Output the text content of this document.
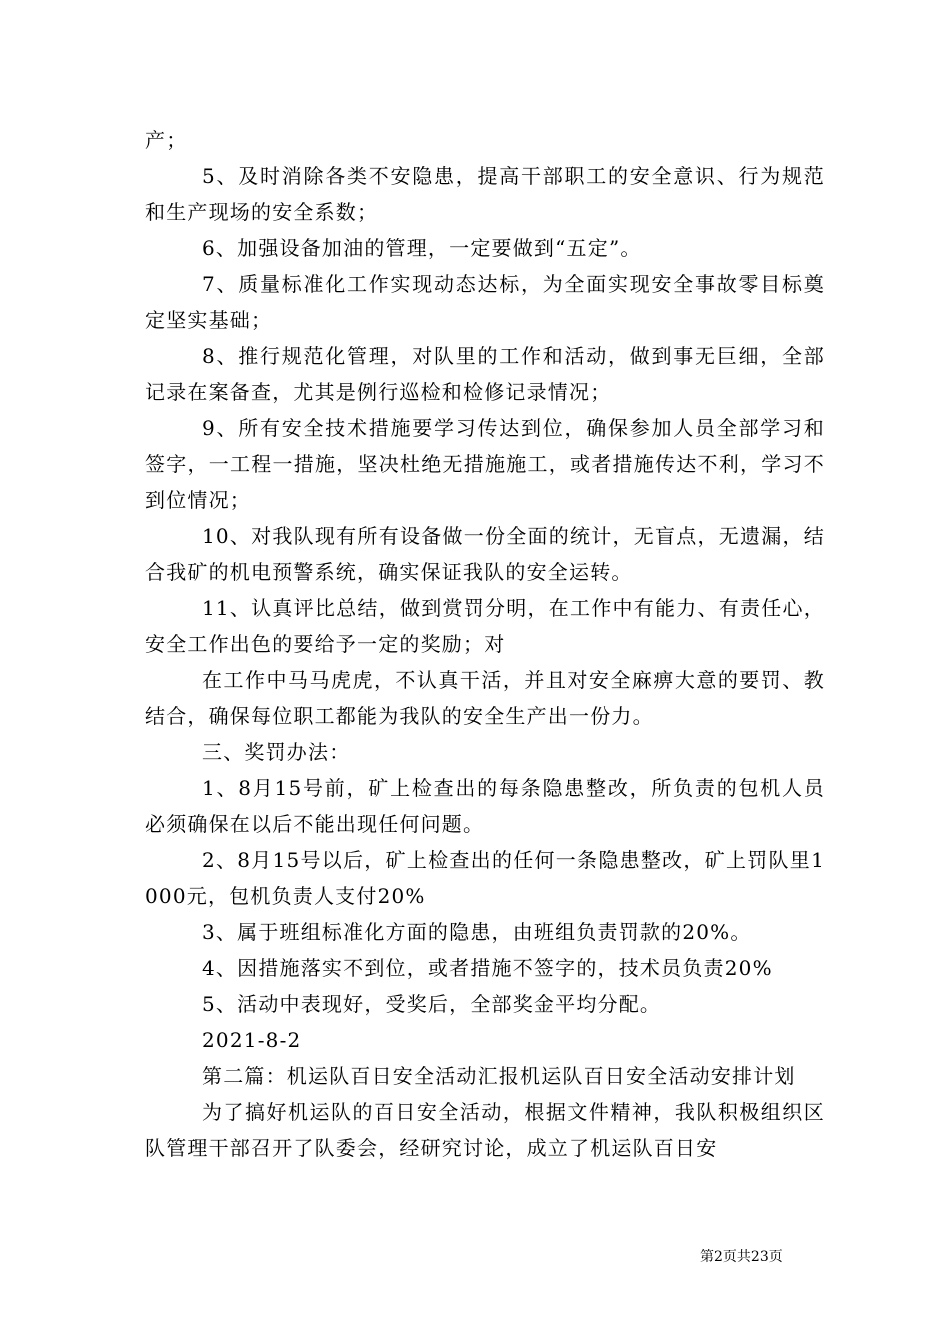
产；

5、及时消除各类不安隐患，提高干部职工的安全意识、行为规范和生产现场的安全系数；

6、加强设备加油的管理，一定要做到“五定”。

7、质量标准化工作实现动态达标，为全面实现安全事故零目标奠定坚实基础；

8、推行规范化管理，对队里的工作和活动，做到事无巨细，全部记录在案备查，尤其是例行巡检和检修记录情况；

9、所有安全技术措施要学习传达到位，确保参加人员全部学习和签字，一工程一措施，坚决杜绝无措施施工，或者措施传达不利，学习不到位情况；

10、对我队现有所有设备做一份全面的统计，无盲点，无遗漏，结合我矿的机电预警系统，确实保证我队的安全运转。

11、认真评比总结，做到赏罚分明，在工作中有能力、有责任心，安全工作出色的要给予一定的奖励；对

在工作中马马虎虎，不认真干活，并且对安全麻痹大意的要罚、教结合，确保每位职工都能为我队的安全生产出一份力。

三、奖罚办法：

1、8月15号前，矿上检查出的每条隐患整改，所负责的包机人员必须确保在以后不能出现任何问题。

2、8月15号以后，矿上检查出的任何一条隐患整改，矿上罚队里1000元，包机负责人支付20%

3、属于班组标准化方面的隐患，由班组负责罚款的20%。

4、因措施落实不到位，或者措施不签字的，技术员负责20%

5、活动中表现好，受奖后，全部奖金平均分配。

2021-8-2

第二篇：机运队百日安全活动汇报机运队百日安全活动安排计划

为了搞好机运队的百日安全活动，根据文件精神，我队积极组织区队管理干部召开了队委会，经研究讨论，成立了机运队百日安

第2页共23页
